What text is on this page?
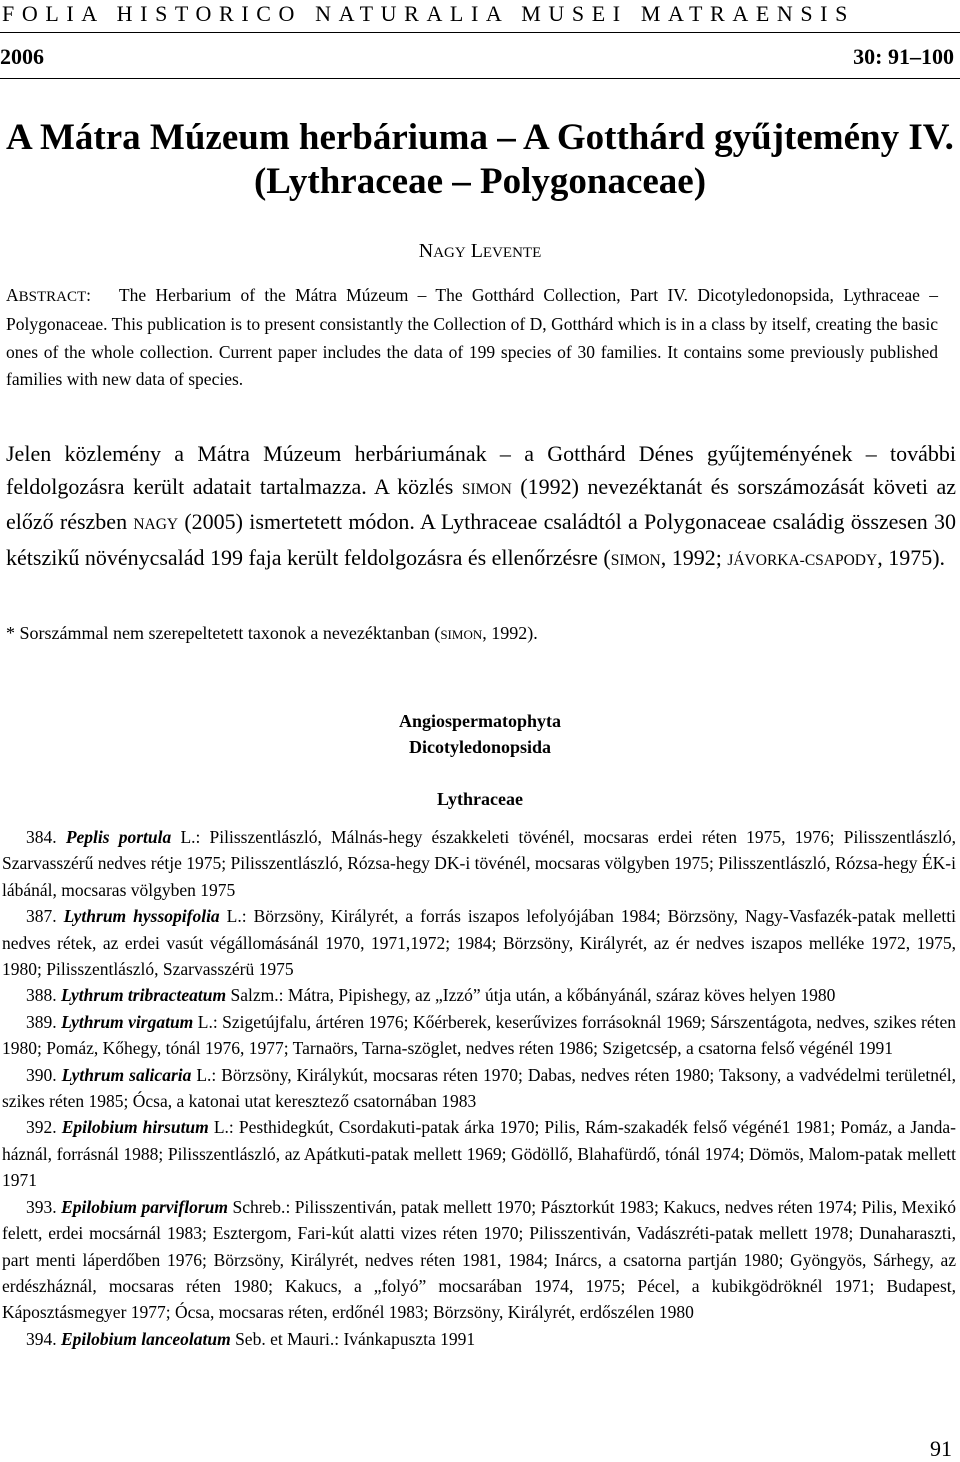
FOLIA HISTORICO NATURALIA MUSEI MATRAENSIS
2006	30: 91–100
A Mátra Múzeum herbáriuma – A Gotthárd gyűjtemény IV.
(Lythraceae – Polygonaceae)
NAGY LEVENTE
ABSTRACT: The Herbarium of the Mátra Múzeum – The Gotthárd Collection, Part IV. Dicotyledonopsida, Lythraceae – Polygonaceae. This publication is to present consistantly the Collection of D, Gotthárd which is in a class by itself, creating the basic ones of the whole collection. Current paper includes the data of 199 species of 30 families. It contains some previously published families with new data of species.

Jelen közlemény a Mátra Múzeum herbáriumának – a Gotthárd Dénes gyűjteményének – további feldolgozásra került adatait tartalmazza. A közlés SIMON (1992) nevezéktanát és sorszámozását követi az előző részben NAGY (2005) ismertetett módon. A Lythraceae családtól a Polygonaceae családig összesen 30 kétszikű növénycsalád 199 faja került feldolgozásra és ellenőrzésre (SIMON, 1992; JÁVORKA-CSAPODY, 1975).

* Sorszámmal nem szerepeltetett taxonok a nevezéktanban (SIMON, 1992).
Angiospermatophyta
Dicotyledonopsida
Lythraceae

384. Peplis portula L.: Pilisszentlászló, Málnás-hegy északkeleti tövénél, mocsaras erdei réten 1975, 1976; Pilisszentlászló, Szarvasszérű nedves rétje 1975; Pilisszentlászló, Rózsa-hegy DK-i tövénél, mocsaras völgyben 1975; Pilisszentlászló, Rózsa-hegy ÉK-i lábánál, mocsaras völgyben 1975

387. Lythrum hyssopifolia L.: Börzsöny, Királyrét, a forrás iszapos lefolyójában 1984; Börzsöny, Nagy-Vasfazék-patak melletti nedves rétek, az erdei vasút végállomásánál 1970, 1971,1972; 1984; Börzsöny, Királyrét, az ér nedves iszapos melléke 1972, 1975, 1980; Pilisszentlászló, Szarvasszérü 1975

388. Lythrum tribracteatum Salzm.: Mátra, Pipishegy, az „Izzó” útja után, a kőbányánál, száraz köves helyen 1980

389. Lythrum virgatum L.: Szigetújfalu, ártéren 1976; Kőérberek, keserűvizes forrásoknál 1969; Sárszentágota, nedves, szikes réten 1980; Pomáz, Kőhegy, tónál 1976, 1977; Tarnaörs, Tarna-szöglet, nedves réten 1986; Szigetcsép, a csatorna felső végénél 1991

390. Lythrum salicaria L.: Börzsöny, Királykút, mocsaras réten 1970; Dabas, nedves réten 1980; Taksony, a vadvédelmi területnél, szikes réten 1985; Ócsa, a katonai utat keresztező csatornában 1983

392. Epilobium hirsutum L.: Pesthidegkút, Csordakuti-patak árka 1970; Pilis, Rám-szakadék felső végéné1 1981; Pomáz, a Janda-háznál, forrásnál 1988; Pilisszentlászló, az Apátkuti-patak mellett 1969; Gödöllő, Blahafürdő, tónál 1974; Dömös, Malom-patak mellett 1971

393. Epilobium parviflorum Schreb.: Pilisszentiván, patak mellett 1970; Pásztorkút 1983; Kakucs, nedves réten 1974; Pilis, Mexikó felett, erdei mocsárnál 1983; Esztergom, Fari-kút alatti vizes réten 1970; Pilisszentiván, Vadászréti-patak mellett 1978; Dunaharaszti, part menti láperdőben 1976; Börzsöny, Királyrét, nedves réten 1981, 1984; Inárcs, a csatorna partján 1980; Gyöngyös, Sárhegy, az erdészháznál, mocsaras réten 1980; Kakucs, a „folyó” mocsarában 1974, 1975; Pécel, a kubikgödröknél 1971; Budapest, Káposztásmegyer 1977; Ócsa, mocsaras réten, erdőnél 1983; Börzsöny, Királyrét, erdőszélen 1980

394. Epilobium lanceolatum Seb. et Mauri.: Ivánkapuszta 1991

91
